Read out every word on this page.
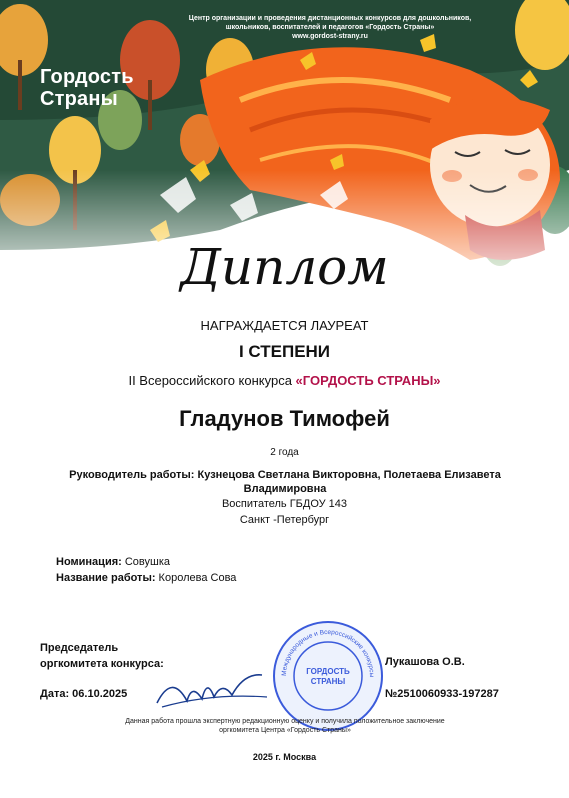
Центр организации и проведения дистанционных конкурсов для дошкольников,
школьников, воспитателей и педагогов «Гордость Страны»
www.gordost-strany.ru
Гордость
Страны
Диплом
НАГРАЖДАЕТСЯ ЛАУРЕАТ
I СТЕПЕНИ
II Всероссийского конкурса «ГОРДОСТЬ СТРАНЫ»
Гладунов Тимофей
2 года
Руководитель работы: Кузнецова Светлана Викторовна, Полетаева Елизавета Владимировна
Воспитатель ГБДОУ 143
Санкт -Петербург
Номинация: Совушка
Название работы: Королева Сова
Председатель
оргкомитета конкурса:
Международные и Всероссийские конкурсы
ГОРДОСТЬ
СТРАНЫ
Лукашова О.В.
Дата: 06.10.2025	№2510060933-197287
Данная работа прошла экспертную редакционную оценку и получила положительное заключение
оргкомитета Центра «Гордость Страны»
2025 г. Москва
